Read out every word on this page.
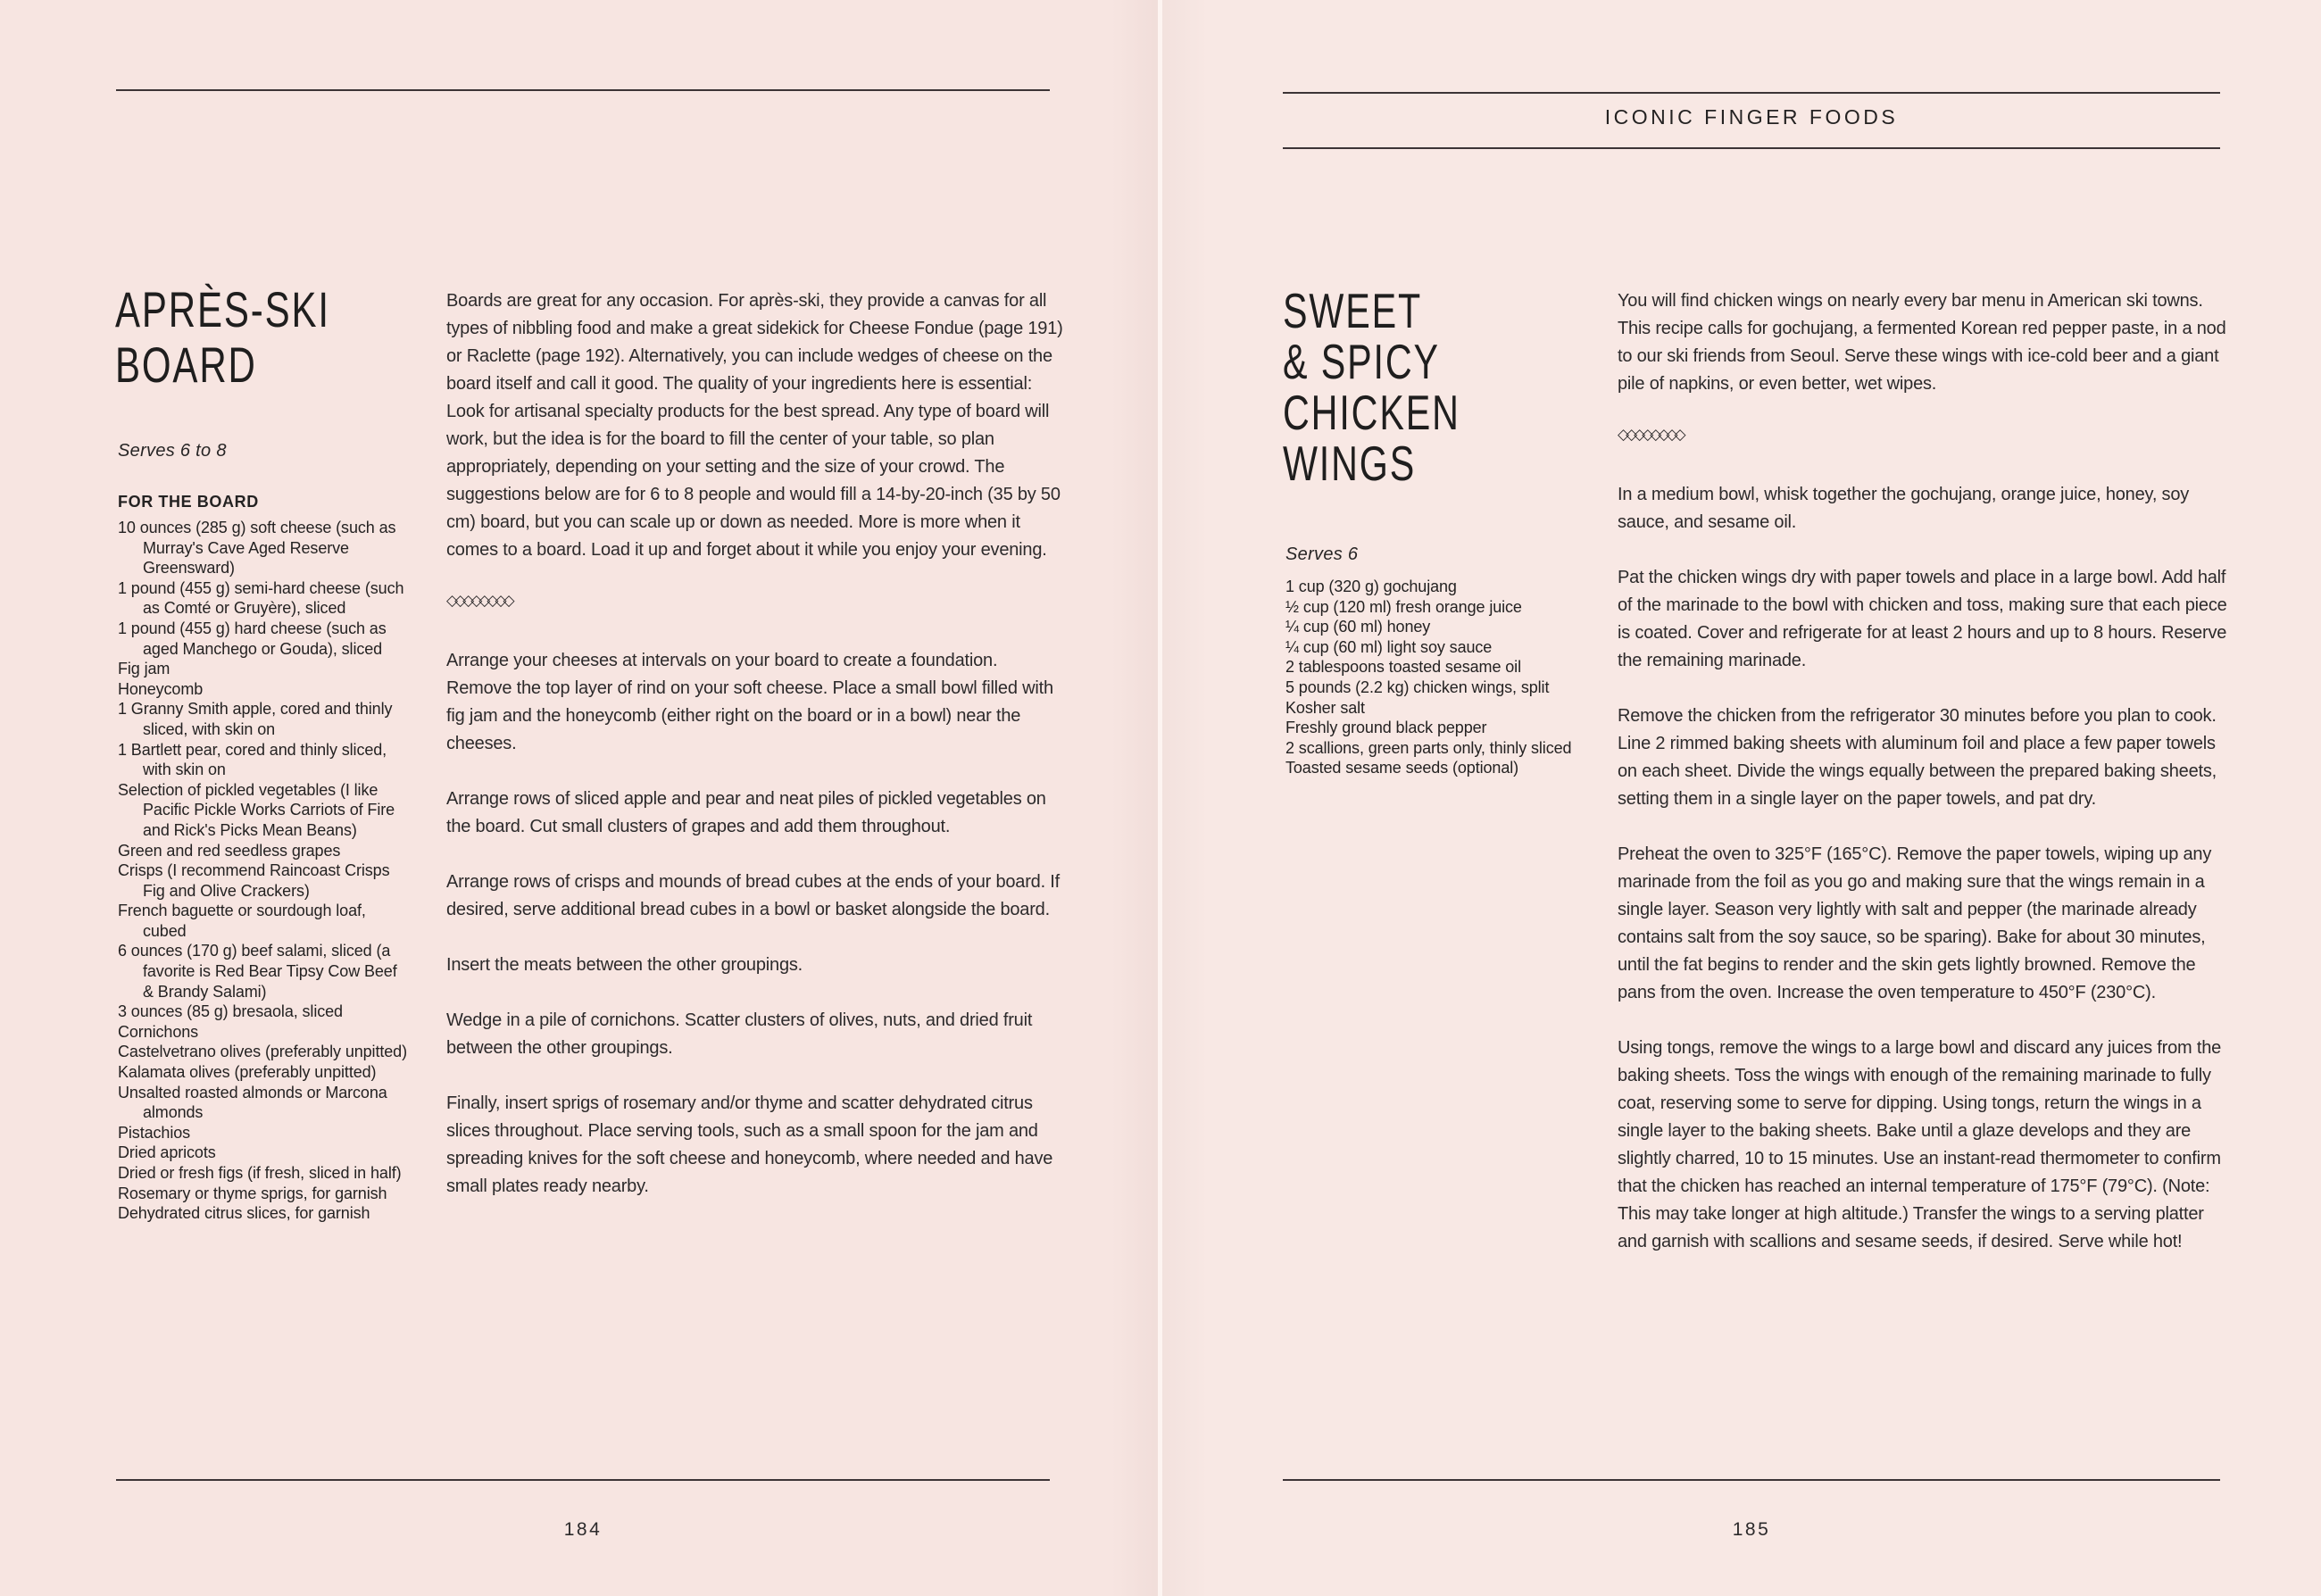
APRÈS-SKI
BOARD
Serves 6 to 8
FOR THE BOARD
10 ounces (285 g) soft cheese (such as Murray's Cave Aged Reserve Greensward)
1 pound (455 g) semi-hard cheese (such as Comté or Gruyère), sliced
1 pound (455 g) hard cheese (such as aged Manchego or Gouda), sliced
Fig jam
Honeycomb
1 Granny Smith apple, cored and thinly sliced, with skin on
1 Bartlett pear, cored and thinly sliced, with skin on
Selection of pickled vegetables (I like Pacific Pickle Works Carriots of Fire and Rick's Picks Mean Beans)
Green and red seedless grapes
Crisps (I recommend Raincoast Crisps Fig and Olive Crackers)
French baguette or sourdough loaf, cubed
6 ounces (170 g) beef salami, sliced (a favorite is Red Bear Tipsy Cow Beef & Brandy Salami)
3 ounces (85 g) bresaola, sliced
Cornichons
Castelvetrano olives (preferably unpitted)
Kalamata olives (preferably unpitted)
Unsalted roasted almonds or Marcona almonds
Pistachios
Dried apricots
Dried or fresh figs (if fresh, sliced in half)
Rosemary or thyme sprigs, for garnish
Dehydrated citrus slices, for garnish

Boards are great for any occasion. For après-ski, they provide a canvas for all types of nibbling food and make a great sidekick for Cheese Fondue (page 191) or Raclette (page 192). Alternatively, you can include wedges of cheese on the board itself and call it good. The quality of your ingredients here is essential: Look for artisanal specialty products for the best spread. Any type of board will work, but the idea is for the board to fill the center of your table, so plan appropriately, depending on your setting and the size of your crowd. The suggestions below are for 6 to 8 people and would fill a 14-by-20-inch (35 by 50 cm) board, but you can scale up or down as needed. More is more when it comes to a board. Load it up and forget about it while you enjoy your evening.

◇◇◇◇◇◇◇◇

Arrange your cheeses at intervals on your board to create a foundation. Remove the top layer of rind on your soft cheese. Place a small bowl filled with fig jam and the honeycomb (either right on the board or in a bowl) near the cheeses.

Arrange rows of sliced apple and pear and neat piles of pickled vegetables on the board. Cut small clusters of grapes and add them throughout.

Arrange rows of crisps and mounds of bread cubes at the ends of your board. If desired, serve additional bread cubes in a bowl or basket alongside the board.

Insert the meats between the other groupings.

Wedge in a pile of cornichons. Scatter clusters of olives, nuts, and dried fruit between the other groupings.

Finally, insert sprigs of rosemary and/or thyme and scatter dehydrated citrus slices throughout. Place serving tools, such as a small spoon for the jam and spreading knives for the soft cheese and honeycomb, where needed and have small plates ready nearby.

184
ICONIC FINGER FOODS
SWEET
& SPICY
CHICKEN
WINGS
Serves 6
1 cup (320 g) gochujang
½ cup (120 ml) fresh orange juice
¼ cup (60 ml) honey
¼ cup (60 ml) light soy sauce
2 tablespoons toasted sesame oil
5 pounds (2.2 kg) chicken wings, split
Kosher salt
Freshly ground black pepper
2 scallions, green parts only, thinly sliced
Toasted sesame seeds (optional)

You will find chicken wings on nearly every bar menu in American ski towns. This recipe calls for gochujang, a fermented Korean red pepper paste, in a nod to our ski friends from Seoul. Serve these wings with ice-cold beer and a giant pile of napkins, or even better, wet wipes.

◇◇◇◇◇◇◇◇

In a medium bowl, whisk together the gochujang, orange juice, honey, soy sauce, and sesame oil.

Pat the chicken wings dry with paper towels and place in a large bowl. Add half of the marinade to the bowl with chicken and toss, making sure that each piece is coated. Cover and refrigerate for at least 2 hours and up to 8 hours. Reserve the remaining marinade.

Remove the chicken from the refrigerator 30 minutes before you plan to cook. Line 2 rimmed baking sheets with aluminum foil and place a few paper towels on each sheet. Divide the wings equally between the prepared baking sheets, setting them in a single layer on the paper towels, and pat dry.

Preheat the oven to 325°F (165°C). Remove the paper towels, wiping up any marinade from the foil as you go and making sure that the wings remain in a single layer. Season very lightly with salt and pepper (the marinade already contains salt from the soy sauce, so be sparing). Bake for about 30 minutes, until the fat begins to render and the skin gets lightly browned. Remove the pans from the oven. Increase the oven temperature to 450°F (230°C).

Using tongs, remove the wings to a large bowl and discard any juices from the baking sheets. Toss the wings with enough of the remaining marinade to fully coat, reserving some to serve for dipping. Using tongs, return the wings in a single layer to the baking sheets. Bake until a glaze develops and they are slightly charred, 10 to 15 minutes. Use an instant-read thermometer to confirm that the chicken has reached an internal temperature of 175°F (79°C). (Note: This may take longer at high altitude.) Transfer the wings to a serving platter and garnish with scallions and sesame seeds, if desired. Serve while hot!

185
